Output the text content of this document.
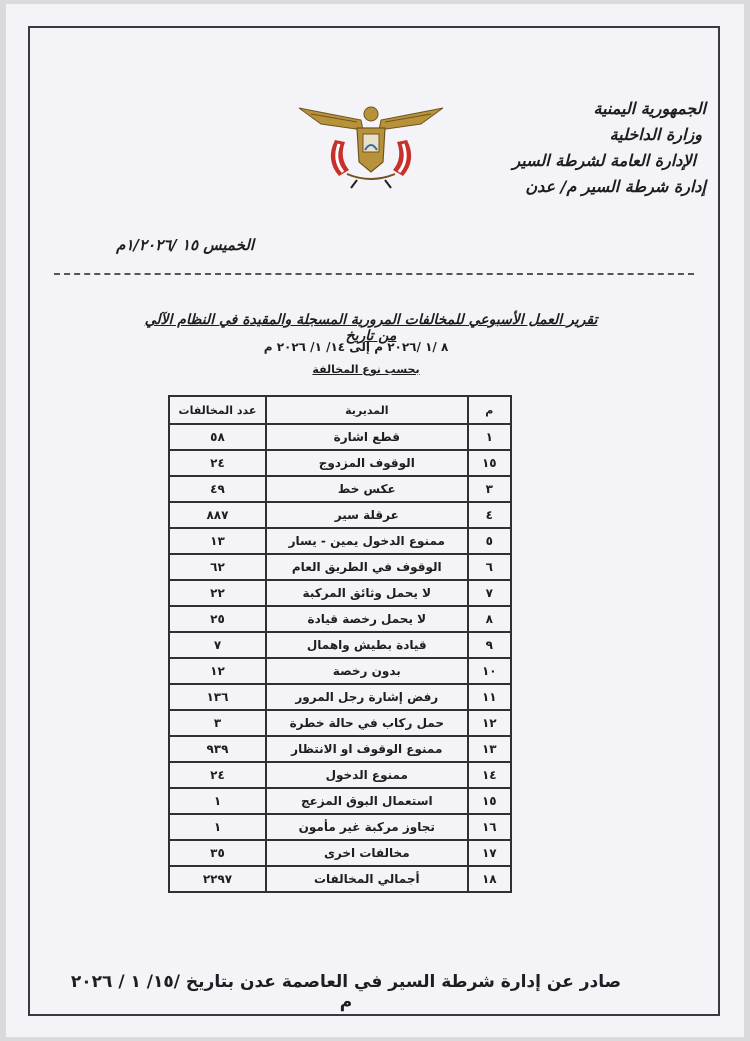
الجمهورية اليمنية
وزارة الداخلية
الإدارة العامة لشرطة السير
إدارة شرطة السير م/ عدن
الخميس ١٥ /١/٢٠٢٦م
تقرير العمل الأسبوعي للمخالفات المرورية المسجلة والمقيدة في النظام الآلي من تاريخ
٨ /١ /٢٠٢٦ م إلى ١٤/ ١/ ٢٠٢٦ م
بحسب نوع المخالفة
م	المديرية	عدد المخالفات
١	قطع اشارة	٥٨
١٥	الوقوف المزدوج	٢٤
٣	عكس خط	٤٩
٤	عرقلة سير	٨٨٧
٥	ممنوع الدخول يمين - يسار	١٣
٦	الوقوف في الطريق العام	٦٢
٧	لا يحمل وثائق المركبة	٢٢
٨	لا يحمل رخصة قيادة	٢٥
٩	قيادة بطيش واهمال	٧
١٠	بدون رخصة	١٢
١١	رفض إشارة رجل المرور	١٣٦
١٢	حمل ركاب في حالة خطرة	٣
١٣	ممنوع الوقوف او الانتظار	٩٣٩
١٤	ممنوع الدخول	٢٤
١٥	استعمال البوق المزعج	١
١٦	تجاوز مركبة غير مأمون	١
١٧	مخالفات اخرى	٣٥
١٨	أجمالي المخالفات	٢٢٩٧
صادر عن إدارة شرطة السير في العاصمة عدن بتاريخ /١٥/ ١ / ٢٠٢٦ م
